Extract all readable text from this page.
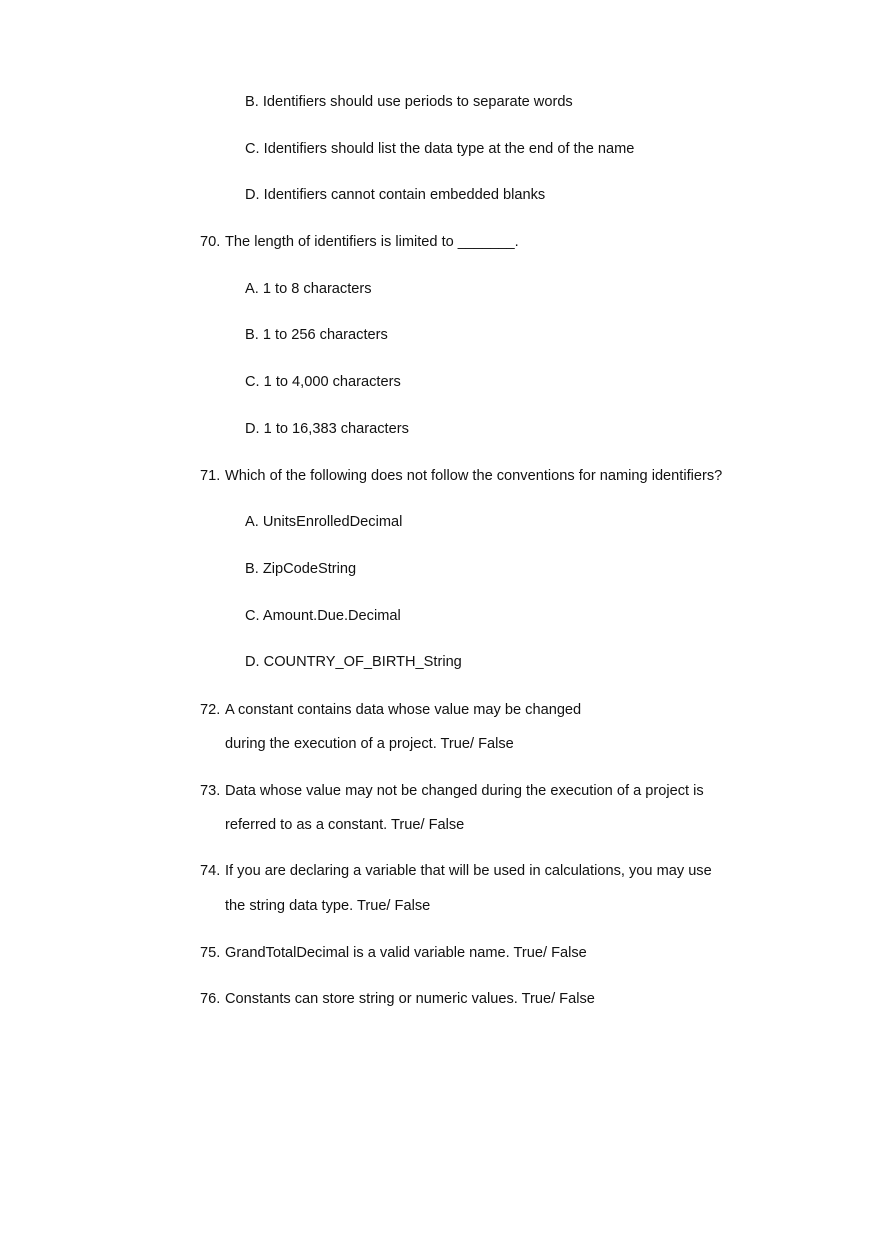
B. Identifiers should use periods to separate words
C. Identifiers should list the data type at the end of the name
D. Identifiers cannot contain embedded blanks
70. The length of identifiers is limited to _______.
A. 1 to 8 characters
B. 1 to 256 characters
C. 1 to 4,000 characters
D. 1 to 16,383 characters
71. Which of the following does not follow the conventions for naming identifiers?
A. UnitsEnrolledDecimal
B. ZipCodeString
C. Amount.Due.Decimal
D. COUNTRY_OF_BIRTH_String
72. A constant contains data whose value may be changed
during the execution of a project. True/ False
73. Data whose value may not be changed during the execution of a project is
referred to as a constant. True/ False
74. If you are declaring a variable that will be used in calculations, you may use
the string data type. True/ False
75. GrandTotalDecimal is a valid variable name. True/ False
76. Constants can store string or numeric values. True/ False
